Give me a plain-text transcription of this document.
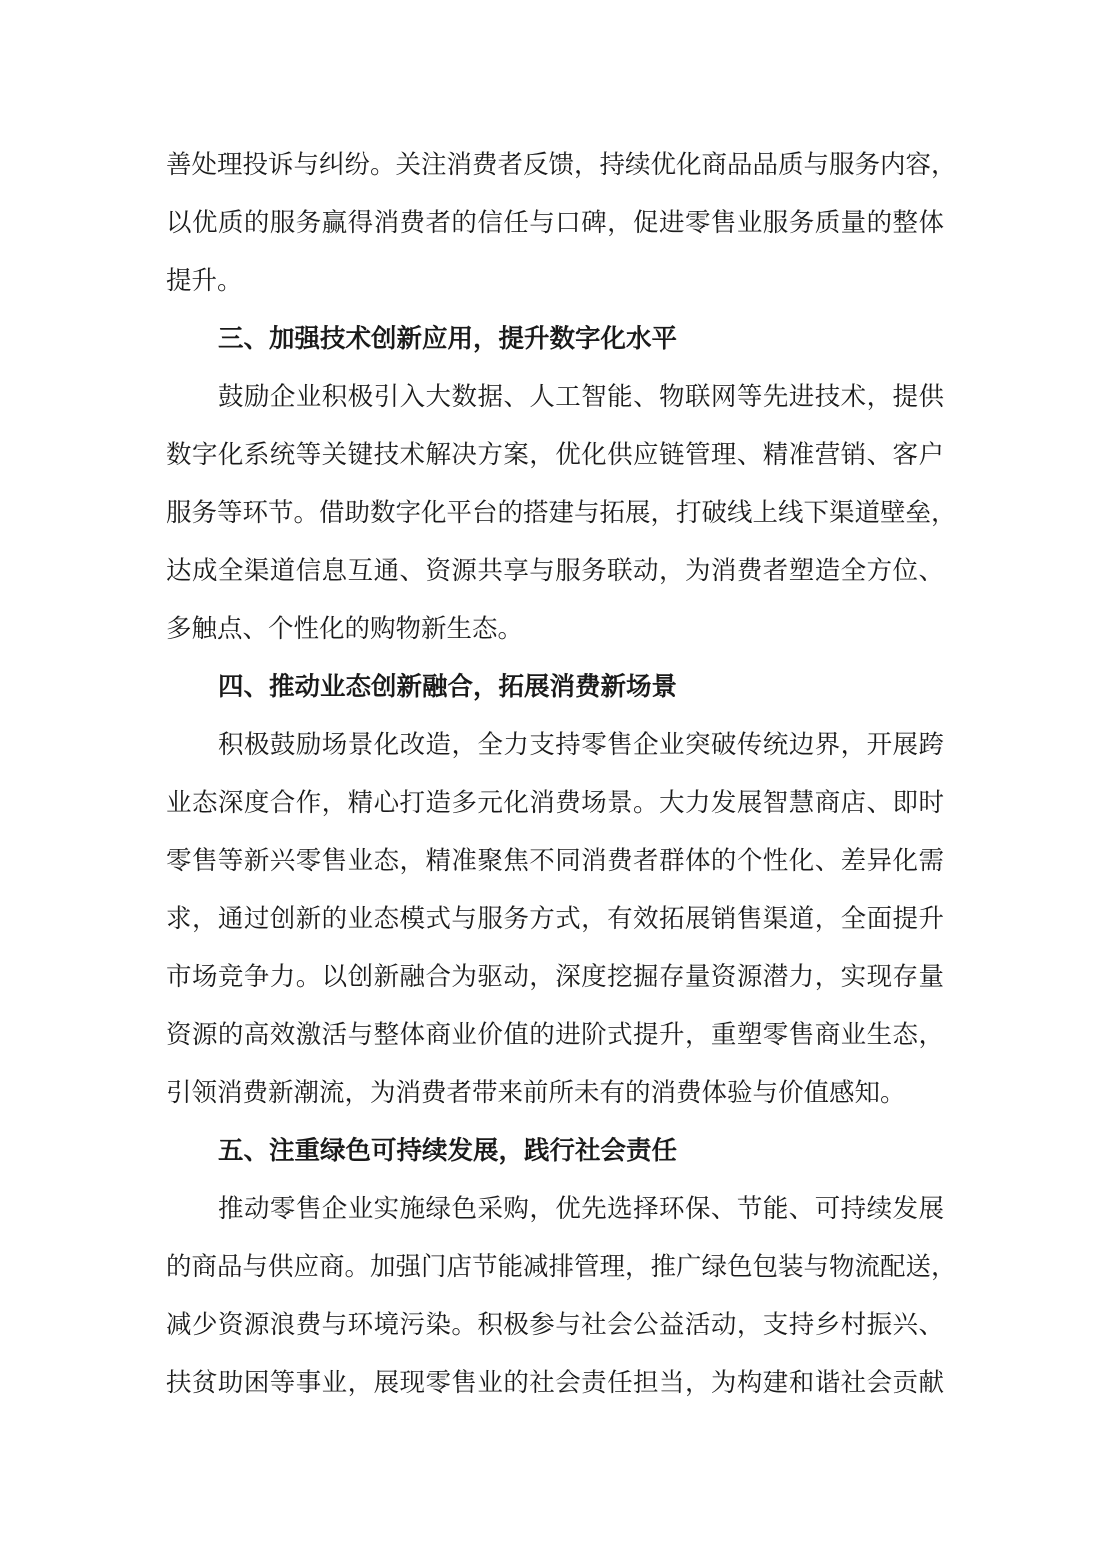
善处理投诉与纠纷。关注消费者反馈，持续优化商品品质与服务内容，
以优质的服务赢得消费者的信任与口碑，促进零售业服务质量的整体
提升。
三、加强技术创新应用，提升数字化水平
鼓励企业积极引入大数据、人工智能、物联网等先进技术，提供
数字化系统等关键技术解决方案，优化供应链管理、精准营销、客户
服务等环节。借助数字化平台的搭建与拓展，打破线上线下渠道壁垒，
达成全渠道信息互通、资源共享与服务联动，为消费者塑造全方位、
多触点、个性化的购物新生态。
四、推动业态创新融合，拓展消费新场景
积极鼓励场景化改造，全力支持零售企业突破传统边界，开展跨
业态深度合作，精心打造多元化消费场景。大力发展智慧商店、即时
零售等新兴零售业态，精准聚焦不同消费者群体的个性化、差异化需
求，通过创新的业态模式与服务方式，有效拓展销售渠道，全面提升
市场竞争力。以创新融合为驱动，深度挖掘存量资源潜力，实现存量
资源的高效激活与整体商业价值的进阶式提升，重塑零售商业生态，
引领消费新潮流，为消费者带来前所未有的消费体验与价值感知。
五、注重绿色可持续发展，践行社会责任
推动零售企业实施绿色采购，优先选择环保、节能、可持续发展
的商品与供应商。加强门店节能减排管理，推广绿色包装与物流配送，
减少资源浪费与环境污染。积极参与社会公益活动，支持乡村振兴、
扶贫助困等事业，展现零售业的社会责任担当，为构建和谐社会贡献
